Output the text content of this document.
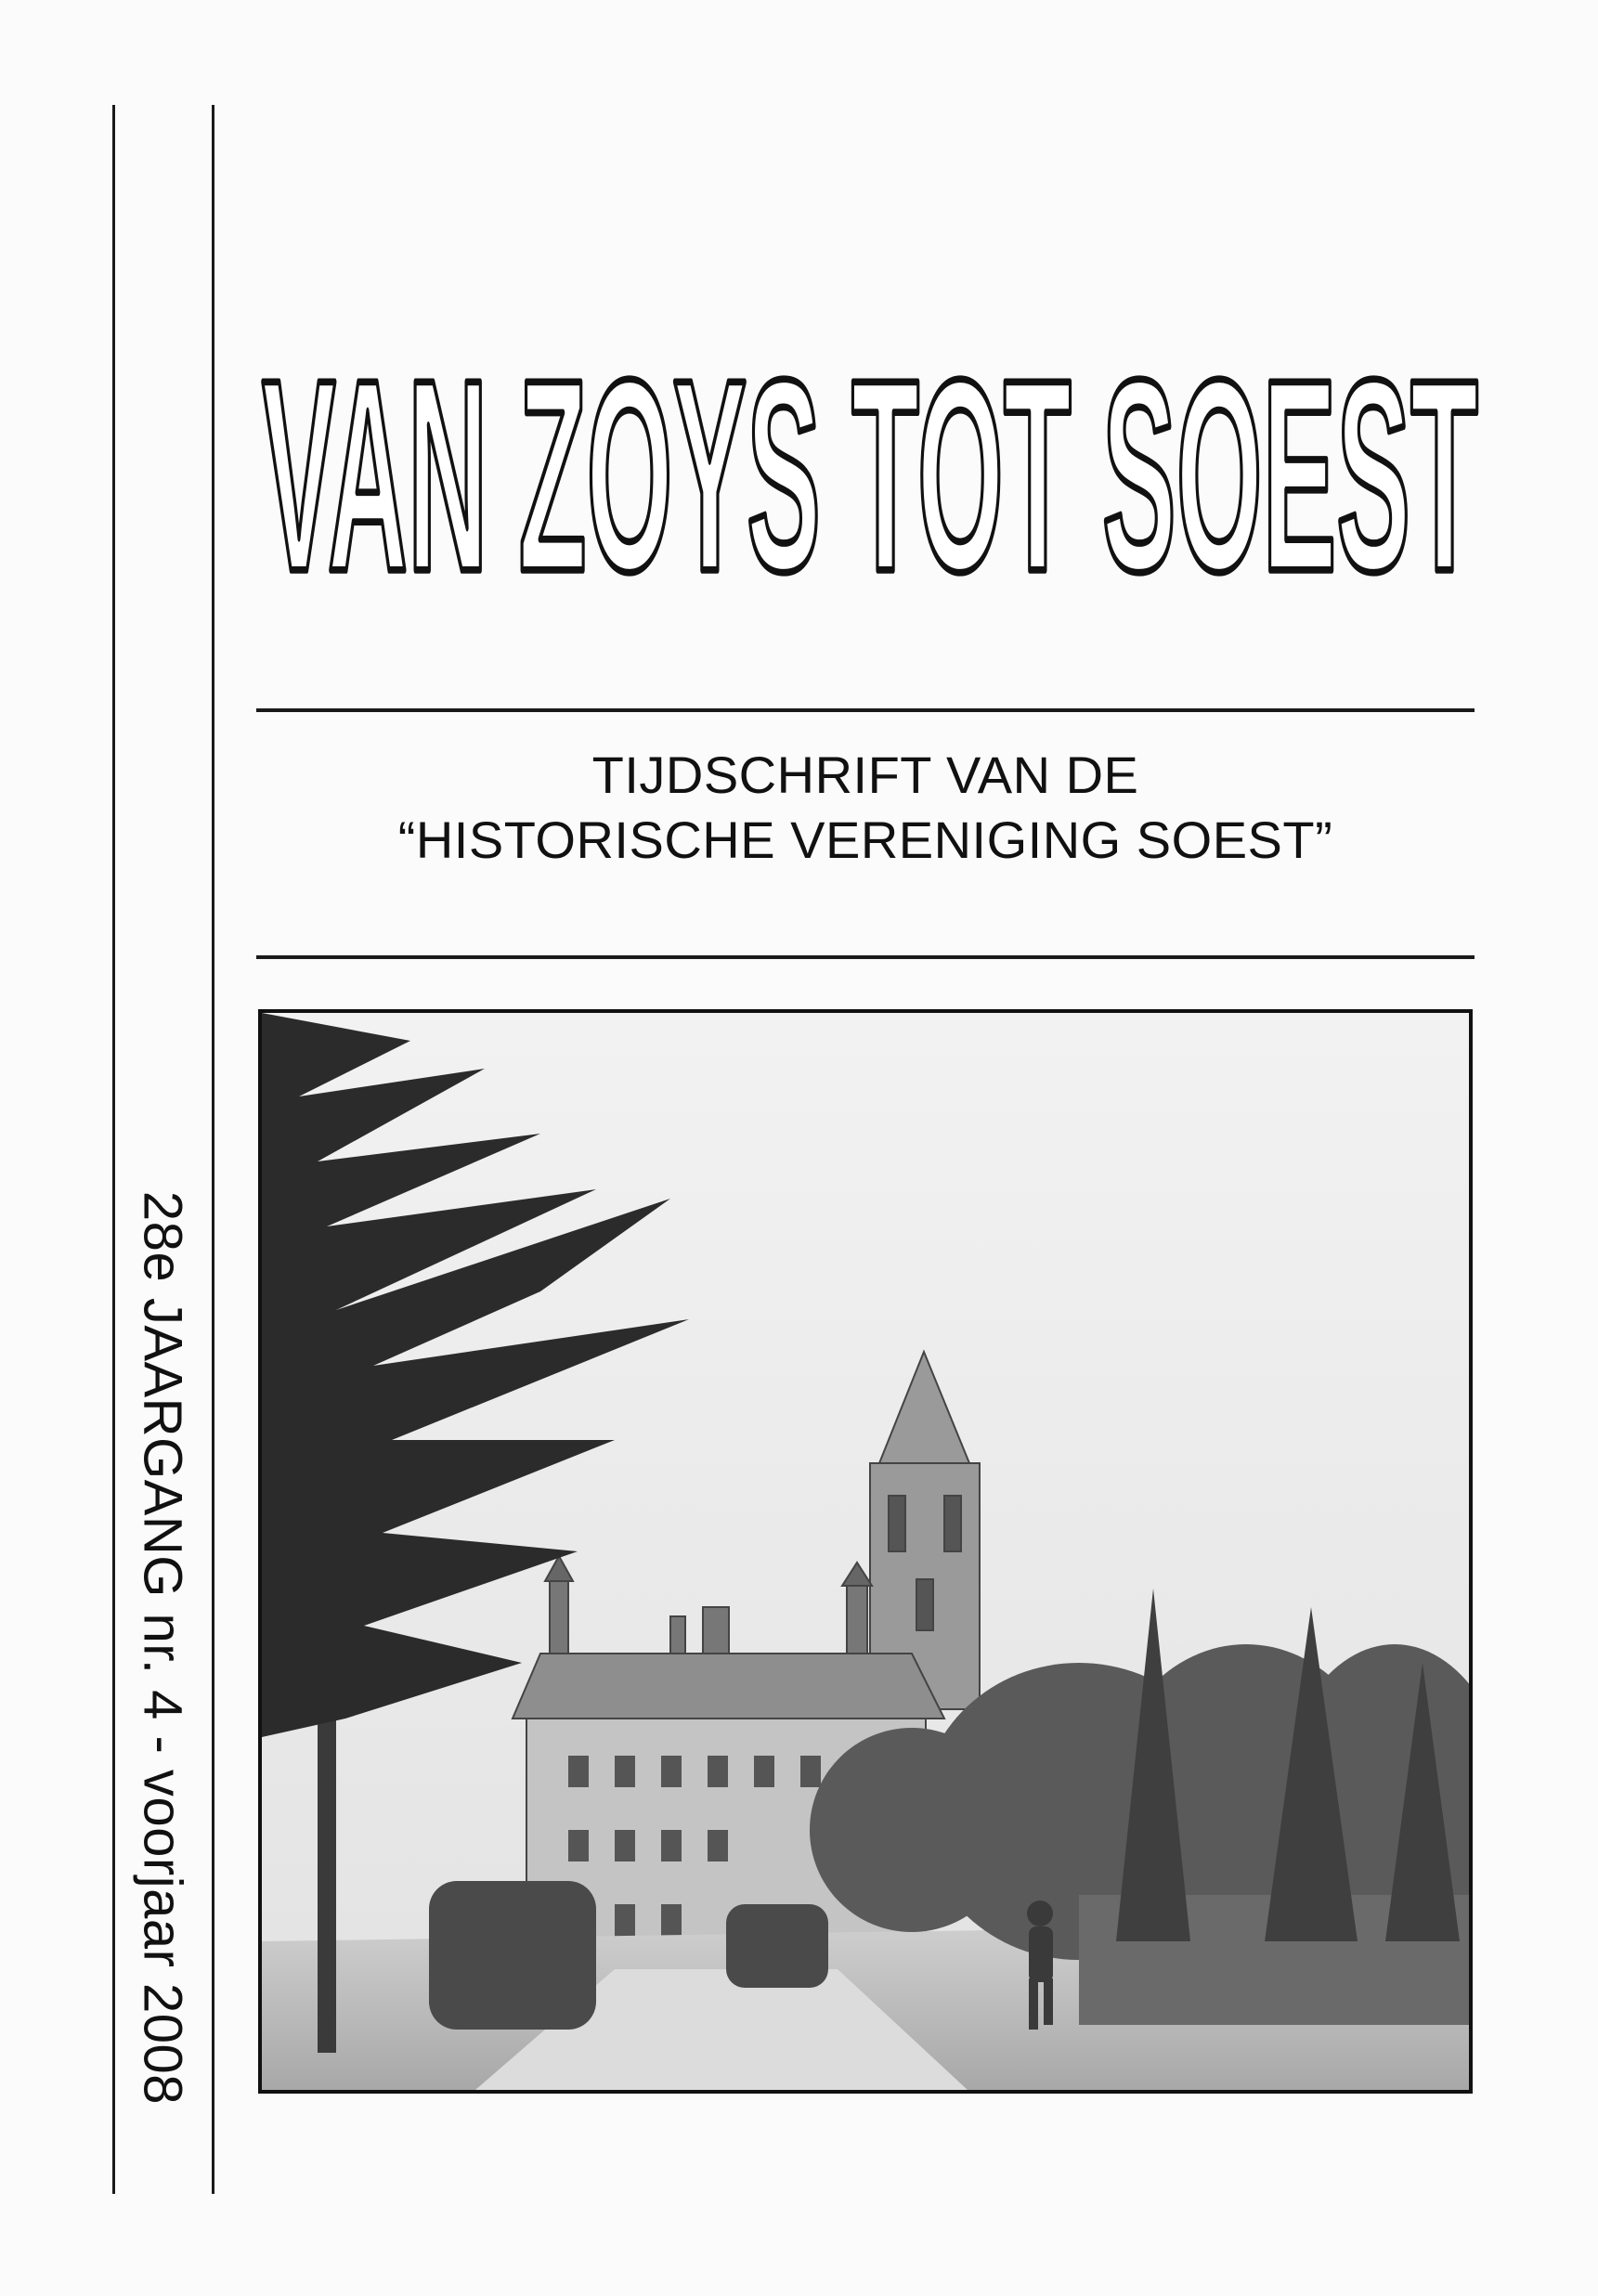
28e JAARGANG nr. 4 - voorjaar 2008
VAN ZOYS TOT SOEST
TIJDSCHRIFT VAN DE
“HISTORISCHE VERENIGING SOEST”
